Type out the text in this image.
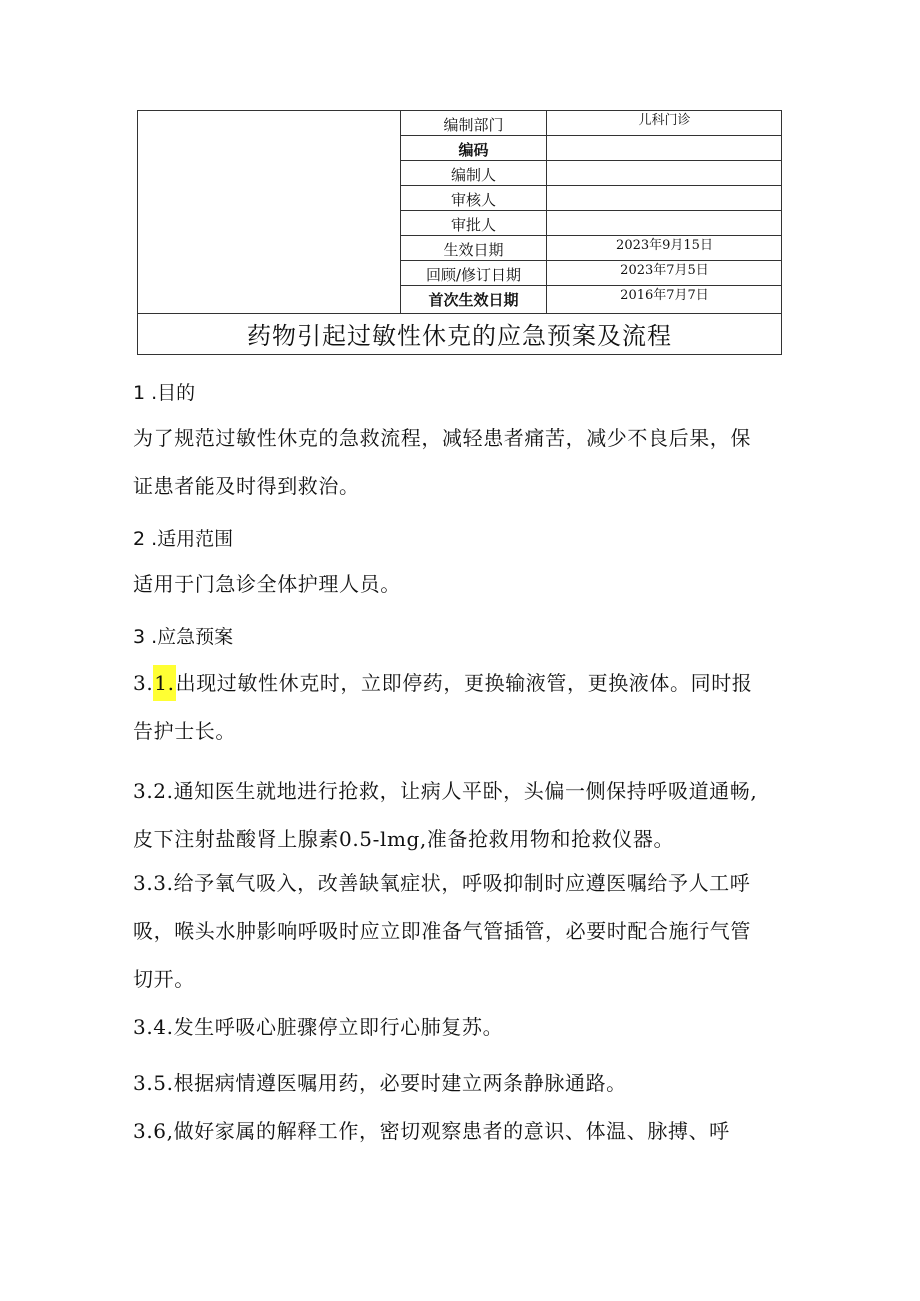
编制部门	儿科门诊
编码
编制人
审核人
审批人
生效日期	2023年9月15日
回顾/修订日期	2023年7月5日
首次生效日期	2016年7月7日
药物引起过敏性休克的应急预案及流程
1 .目的
为了规范过敏性休克的急救流程，减轻患者痛苦，减少不良后果，保
证患者能及时得到救治。
2 .适用范围
适用于门急诊全体护理人员。
3 .应急预案
3.1.出现过敏性休克时，立即停药，更换输液管，更换液体。同时报
告护士长。
3.2.通知医生就地进行抢救，让病人平卧，头偏一侧保持呼吸道通畅,
皮下注射盐酸肾上腺素0.5-lmg,准备抢救用物和抢救仪器。
3.3.给予氧气吸入，改善缺氧症状，呼吸抑制时应遵医嘱给予人工呼
吸，喉头水肿影响呼吸时应立即准备气管插管，必要时配合施行气管
切开。
3.4.发生呼吸心脏骤停立即行心肺复苏。
3.5.根据病情遵医嘱用药，必要时建立两条静脉通路。
3.6,做好家属的解释工作，密切观察患者的意识、体温、脉搏、呼
